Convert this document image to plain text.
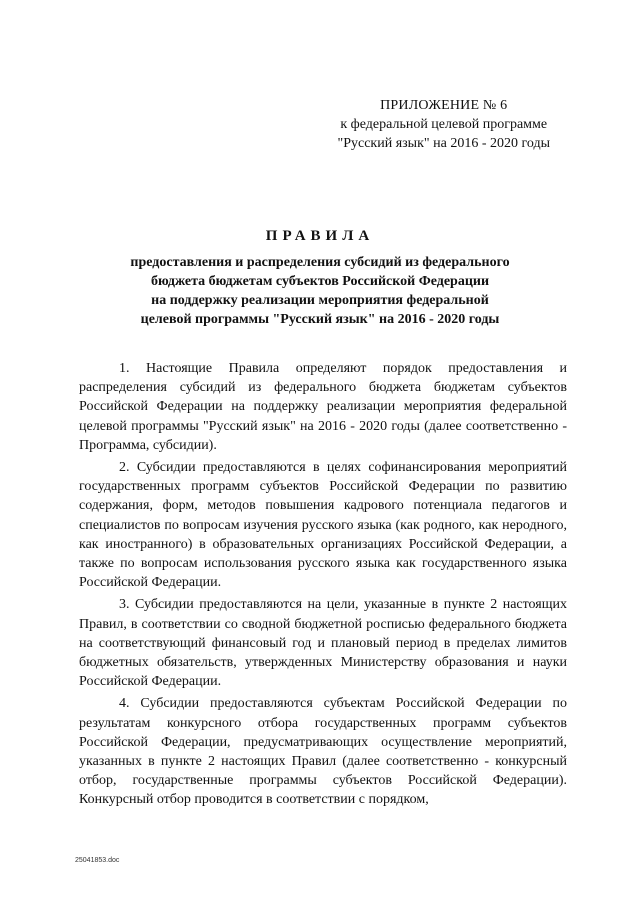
ПРИЛОЖЕНИЕ № 6
к федеральной целевой программе
"Русский язык" на 2016 - 2020 годы
ПРАВИЛА
предоставления и распределения субсидий из федерального
бюджета бюджетам субъектов Российской Федерации
на поддержку реализации мероприятия федеральной
целевой программы "Русский язык" на 2016 - 2020 годы

1. Настоящие Правила определяют порядок предоставления и распределения субсидий из федерального бюджета бюджетам субъектов Российской Федерации на поддержку реализации мероприятия федеральной целевой программы "Русский язык" на 2016 - 2020 годы (далее соответственно - Программа, субсидии).

2. Субсидии предоставляются в целях софинансирования мероприятий государственных программ субъектов Российской Федерации по развитию содержания, форм, методов повышения кадрового потенциала педагогов и специалистов по вопросам изучения русского языка (как родного, как неродного, как иностранного) в образовательных организациях Российской Федерации, а также по вопросам использования русского языка как государственного языка Российской Федерации.

3. Субсидии предоставляются на цели, указанные в пункте 2 настоящих Правил, в соответствии со сводной бюджетной росписью федерального бюджета на соответствующий финансовый год и плановый период в пределах лимитов бюджетных обязательств, утвержденных Министерству образования и науки Российской Федерации.

4. Субсидии предоставляются субъектам Российской Федерации по результатам конкурсного отбора государственных программ субъектов Российской Федерации, предусматривающих осуществление мероприятий, указанных в пункте 2 настоящих Правил (далее соответственно - конкурсный отбор, государственные программы субъектов Российской Федерации). Конкурсный отбор проводится в соответствии с порядком,

25041853.doc
